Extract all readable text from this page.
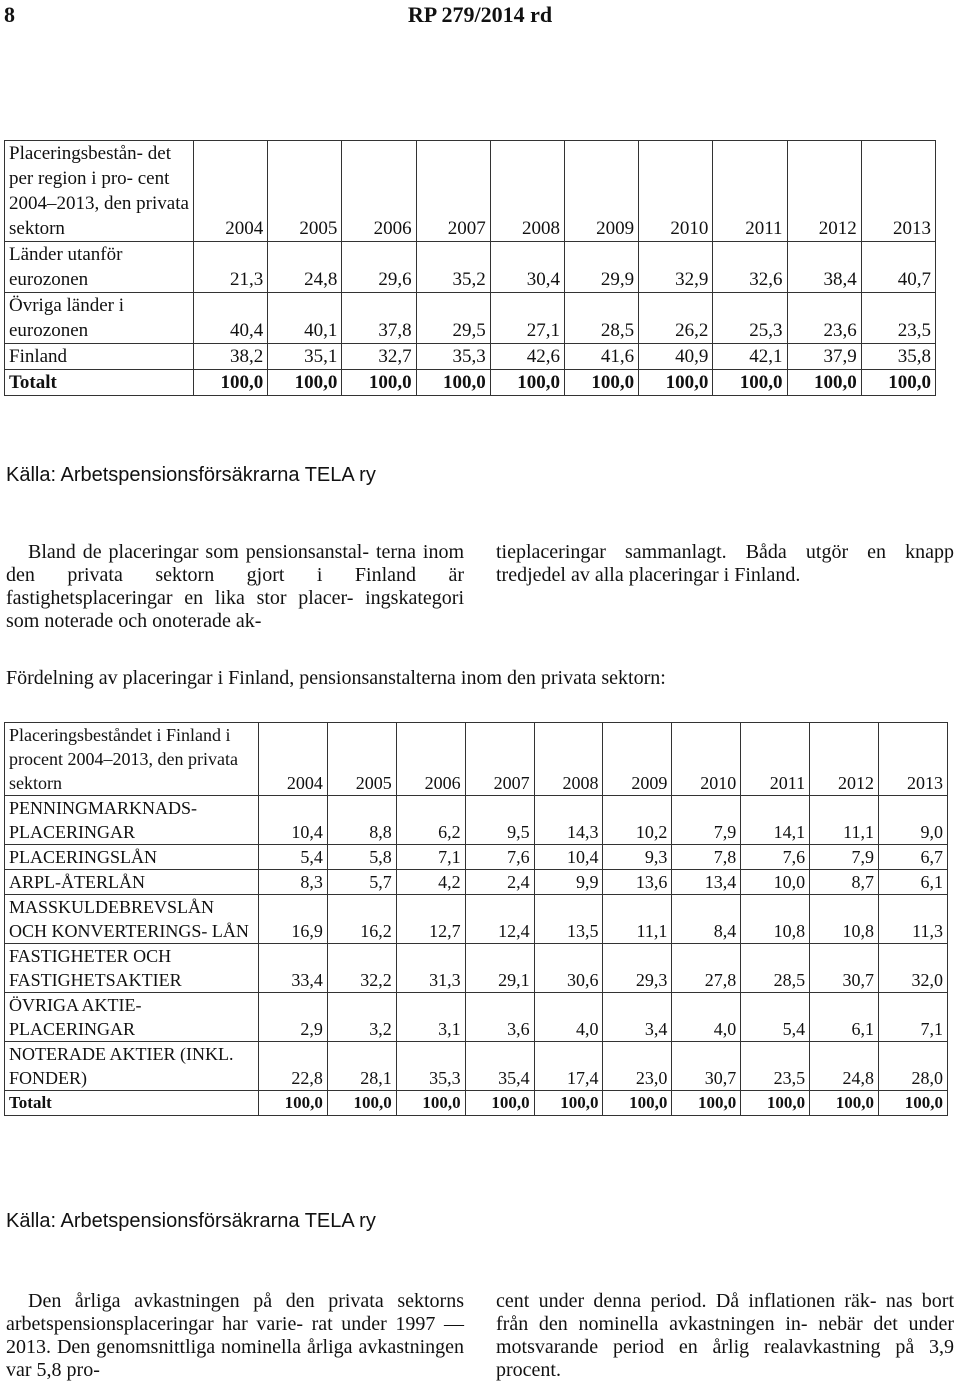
8	RP 279/2014 rd
Placeringsbestån- det per region i pro- cent 2004–2013, den privata sektorn	2004	2005	2006	2007	2008	2009	2010	2011	2012	2013
Länder utanför eurozonen	21,3	24,8	29,6	35,2	30,4	29,9	32,9	32,6	38,4	40,7
Övriga länder i eurozonen	40,4	40,1	37,8	29,5	27,1	28,5	26,2	25,3	23,6	23,5
Finland	38,2	35,1	32,7	35,3	42,6	41,6	40,9	42,1	37,9	35,8
Totalt	100,0	100,0	100,0	100,0	100,0	100,0	100,0	100,0	100,0	100,0
Källa: Arbetspensionsförsäkrarna TELA ry
Bland de placeringar som pensionsanstal- terna inom den privata sektorn gjort i Finland är fastighetsplaceringar en lika stor placer- ingskategori som noterade och onoterade ak-
tieplaceringar sammanlagt. Båda utgör en knapp tredjedel av alla placeringar i Finland.
Fördelning av placeringar i Finland, pensionsanstalterna inom den privata sektorn:
Placeringsbeståndet i Finland i procent 2004–2013, den privata sektorn	2004	2005	2006	2007	2008	2009	2010	2011	2012	2013
PENNINGMARKNADS- PLACERINGAR	10,4	8,8	6,2	9,5	14,3	10,2	7,9	14,1	11,1	9,0
PLACERINGSLÅN	5,4	5,8	7,1	7,6	10,4	9,3	7,8	7,6	7,9	6,7
ARPL-ÅTERLÅN	8,3	5,7	4,2	2,4	9,9	13,6	13,4	10,0	8,7	6,1
MASSKULDEBREVSLÅN OCH KONVERTERINGS- LÅN	16,9	16,2	12,7	12,4	13,5	11,1	8,4	10,8	10,8	11,3
FASTIGHETER OCH FASTIGHETSAKTIER	33,4	32,2	31,3	29,1	30,6	29,3	27,8	28,5	30,7	32,0
ÖVRIGA AKTIE- PLACERINGAR	2,9	3,2	3,1	3,6	4,0	3,4	4,0	5,4	6,1	7,1
NOTERADE AKTIER (INKL. FONDER)	22,8	28,1	35,3	35,4	17,4	23,0	30,7	23,5	24,8	28,0
Totalt	100,0	100,0	100,0	100,0	100,0	100,0	100,0	100,0	100,0	100,0
Källa: Arbetspensionsförsäkrarna TELA ry
Den årliga avkastningen på den privata sektorns arbetspensionsplaceringar har varie- rat under 1997 — 2013. Den genomsnittliga nominella årliga avkastningen var 5,8 pro-
cent under denna period. Då inflationen räk- nas bort från den nominella avkastningen in- nebär det under motsvarande period en årlig realavkastning på 3,9 procent.
